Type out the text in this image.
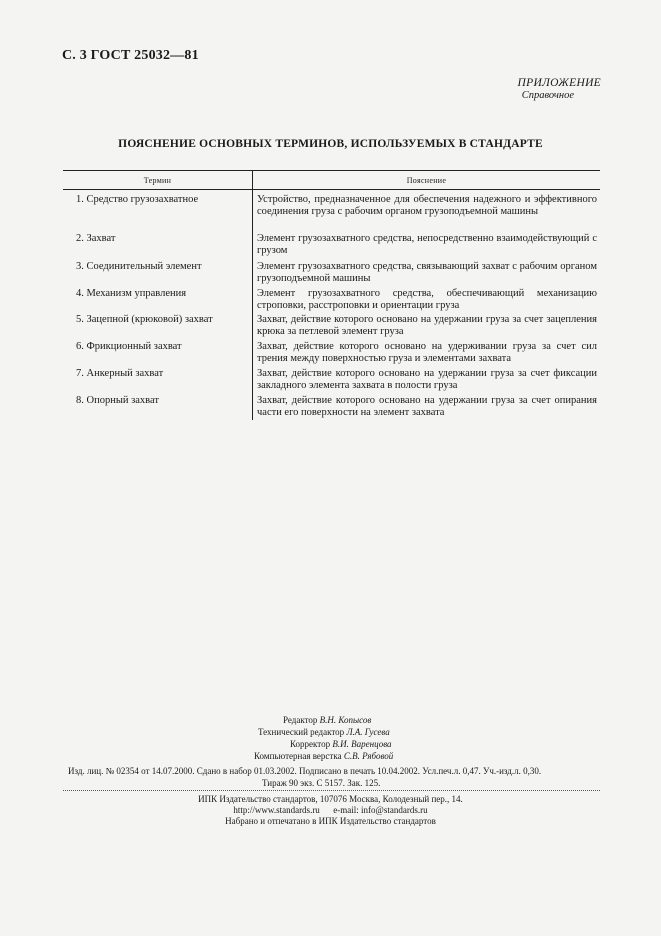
С. 3 ГОСТ 25032—81
ПРИЛОЖЕНИЕ
Справочное
ПОЯСНЕНИЕ ОСНОВНЫХ ТЕРМИНОВ, ИСПОЛЬЗУЕМЫХ В СТАНДАРТЕ
Термин	Пояснение
1. Средство грузозахватное	Устройство, предназначенное для обеспечения надежного и эффективного соединения груза с рабочим органом грузоподъемной машины
2. Захват	Элемент грузозахватного средства, непосредственно взаимодействующий с грузом
3. Соединительный элемент	Элемент грузозахватного средства, связывающий захват с рабочим органом грузоподъемной машины
4. Механизм управления	Элемент грузозахватного средства, обеспечивающий механизацию строповки, расстроповки и ориентации груза
5. Зацепной (крюковой) захват	Захват, действие которого основано на удержании груза за счет зацепления крюка за петлевой элемент груза
6. Фрикционный захват	Захват, действие которого основано на удерживании груза за счет сил трения между поверхностью груза и элементами захвата
7. Анкерный захват	Захват, действие которого основано на удержании груза за счет фиксации закладного элемента захвата в полости груза
8. Опорный захват	Захват, действие которого основано на удержании груза за счет опирания части его поверхности на элемент захвата
Редактор В.Н. Копысов
Технический редактор Л.А. Гусева
Корректор В.И. Варенцова
Компьютерная верстка С.В. Рябовой
Изд. лиц. № 02354 от 14.07.2000. Сдано в набор 01.03.2002. Подписано в печать 10.04.2002. Усл.печ.л. 0,47. Уч.-изд.л. 0,30.
Тираж 90 экз. С 5157. Зак. 125.
ИПК Издательство стандартов, 107076 Москва, Колодезный пер., 14.
http://www.standards.ru      e-mail: info@standards.ru
Набрано и отпечатано в ИПК Издательство стандартов
